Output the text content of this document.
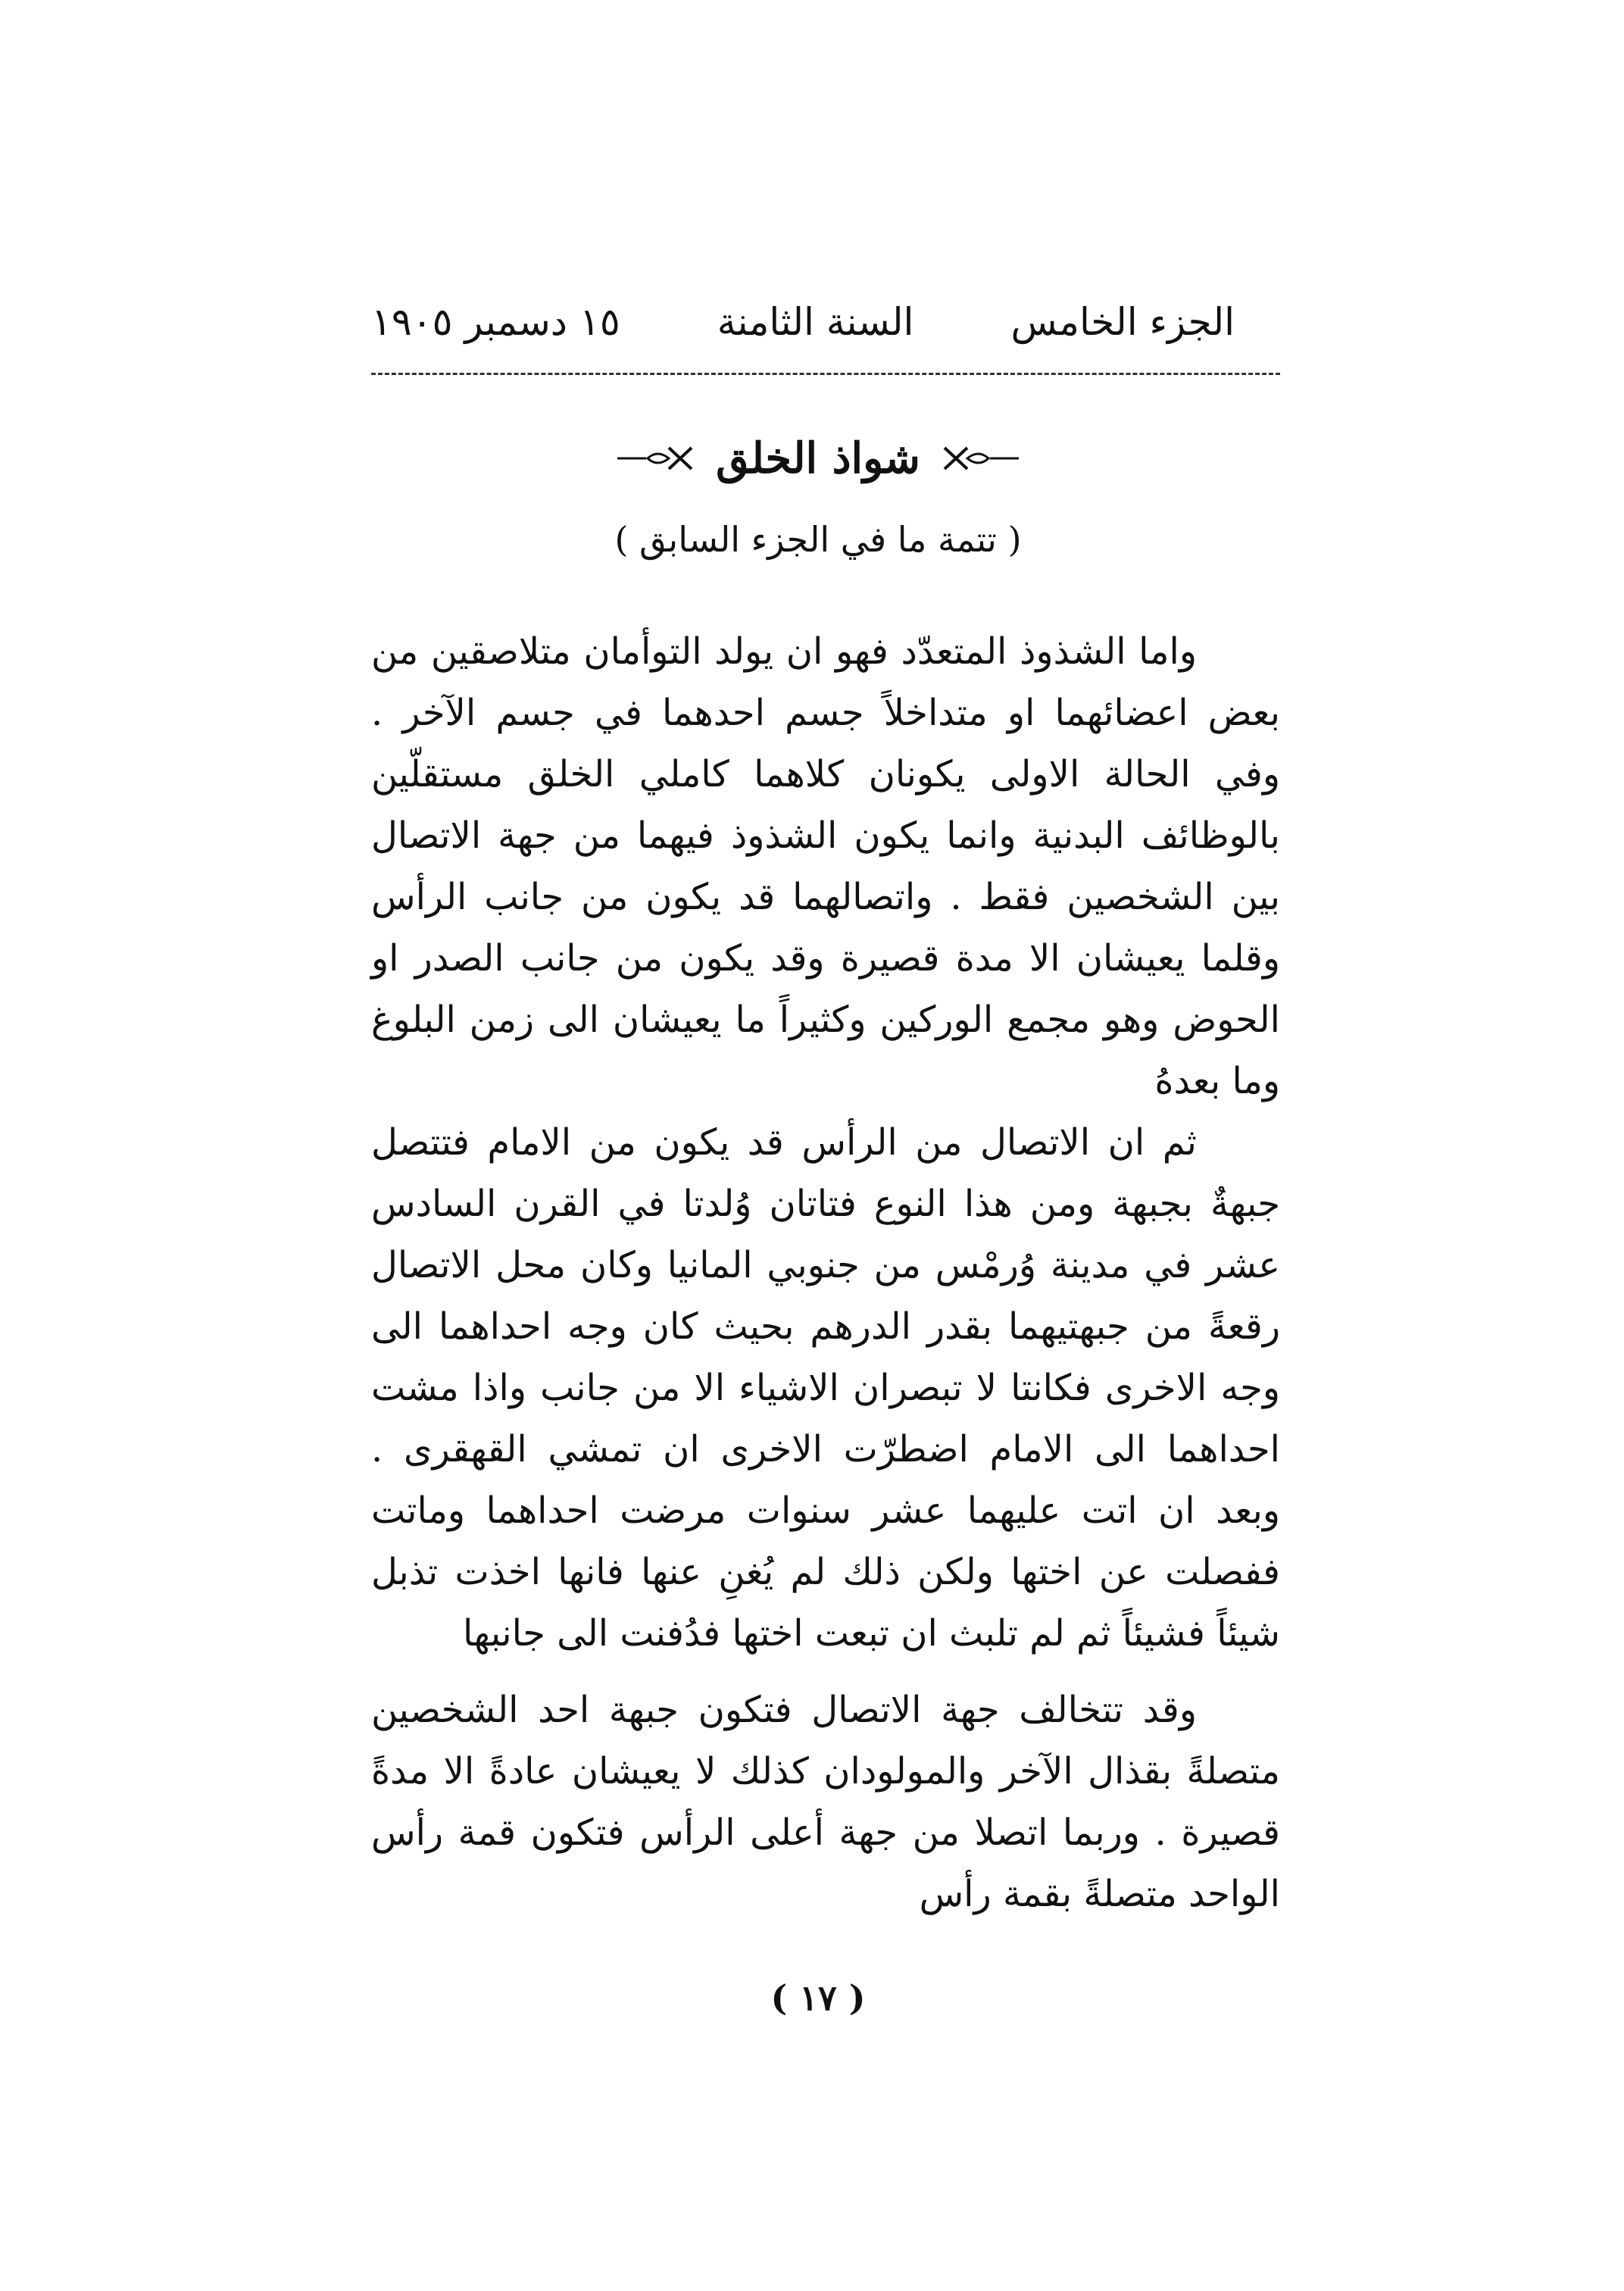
الجزء الخامس
السنة الثامنة
١٥ دسمبر ١٩٠٥
شواذ الخلق
( تتمة ما في الجزء السابق )

واما الشذوذ المتعدّد فهو ان يولد التوأمان متلاصقين من بعض اعضائهما او متداخلاً جسم احدهما في جسم الآخر . وفي الحالة الاولى يكونان كلاهما كاملي الخلق مستقلّين بالوظائف البدنية وانما يكون الشذوذ فيهما من جهة الاتصال بين الشخصين فقط . واتصالهما قد يكون من جانب الرأس وقلما يعيشان الا مدة قصيرة وقد يكون من جانب الصدر او الحوض وهو مجمع الوركين وكثيراً ما يعيشان الى زمن البلوغ وما بعدهُ

ثم ان الاتصال من الرأس قد يكون من الامام فتتصل جبهةٌ بجبهة ومن هذا النوع فتاتان وُلدتا في القرن السادس عشر في مدينة وُرمْس من جنوبي المانيا وكان محل الاتصال رقعةً من جبهتيهما بقدر الدرهم بحيث كان وجه احداهما الى وجه الاخرى فكانتا لا تبصران الاشياء الا من جانب واذا مشت احداهما الى الامام اضطرّت الاخرى ان تمشي القهقرى . وبعد ان اتت عليهما عشر سنوات مرضت احداهما وماتت ففصلت عن اختها ولكن ذلك لم يُغنِ عنها فانها اخذت تذبل شيئاً فشيئاً ثم لم تلبث ان تبعت اختها فدُفنت الى جانبها

وقد تتخالف جهة الاتصال فتكون جبهة احد الشخصين متصلةً بقذال الآخر والمولودان كذلك لا يعيشان عادةً الا مدةً قصيرة . وربما اتصلا من جهة أعلى الرأس فتكون قمة رأس الواحد متصلةً بقمة رأس

( ١٧ )
